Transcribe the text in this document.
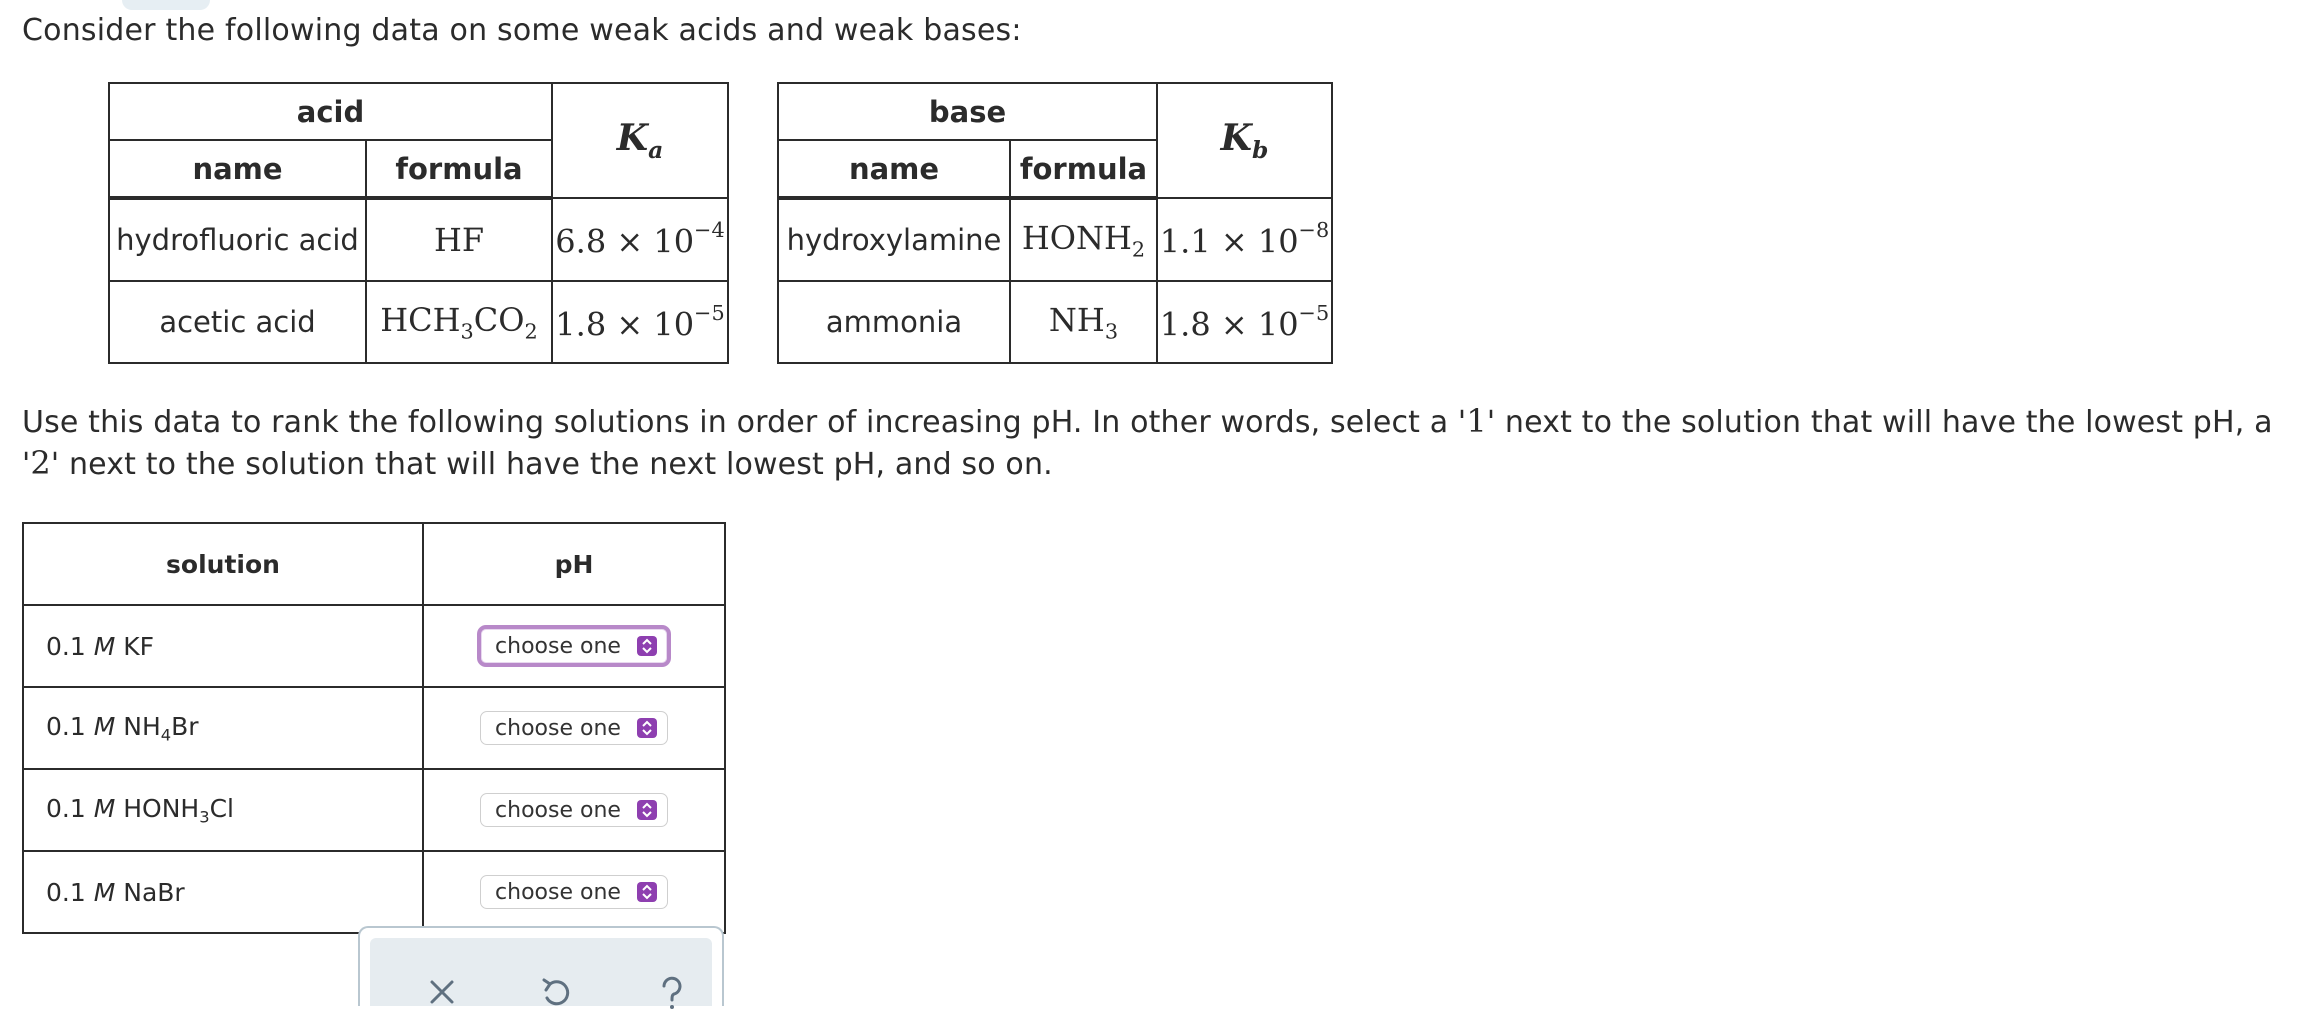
Consider the following data on some weak acids and weak bases:
acid		$K_a$
name	formula	
hydrofluoric acid	HF	$6.8 \times 10^{-4}$
acetic acid	$HCH_3CO_2$	$1.8 \times 10^{-5}$
base		$K_b$
name	formula	
hydroxylamine	$HONH_2$	$1.1 \times 10^{-8}$
ammonia	$NH_3$	$1.8 \times 10^{-5}$
Use this data to rank the following solutions in order of increasing pH. In other words, select a '1' next to the solution that will have the lowest pH, a '2' next to the solution that will have the next lowest pH, and so on.
solution	pH
0.1 M KF	choose one

0.1 M $NH_4Br$	choose one

0.1 M $HONH_3Cl$	choose one

0.1 M NaBr	choose one
